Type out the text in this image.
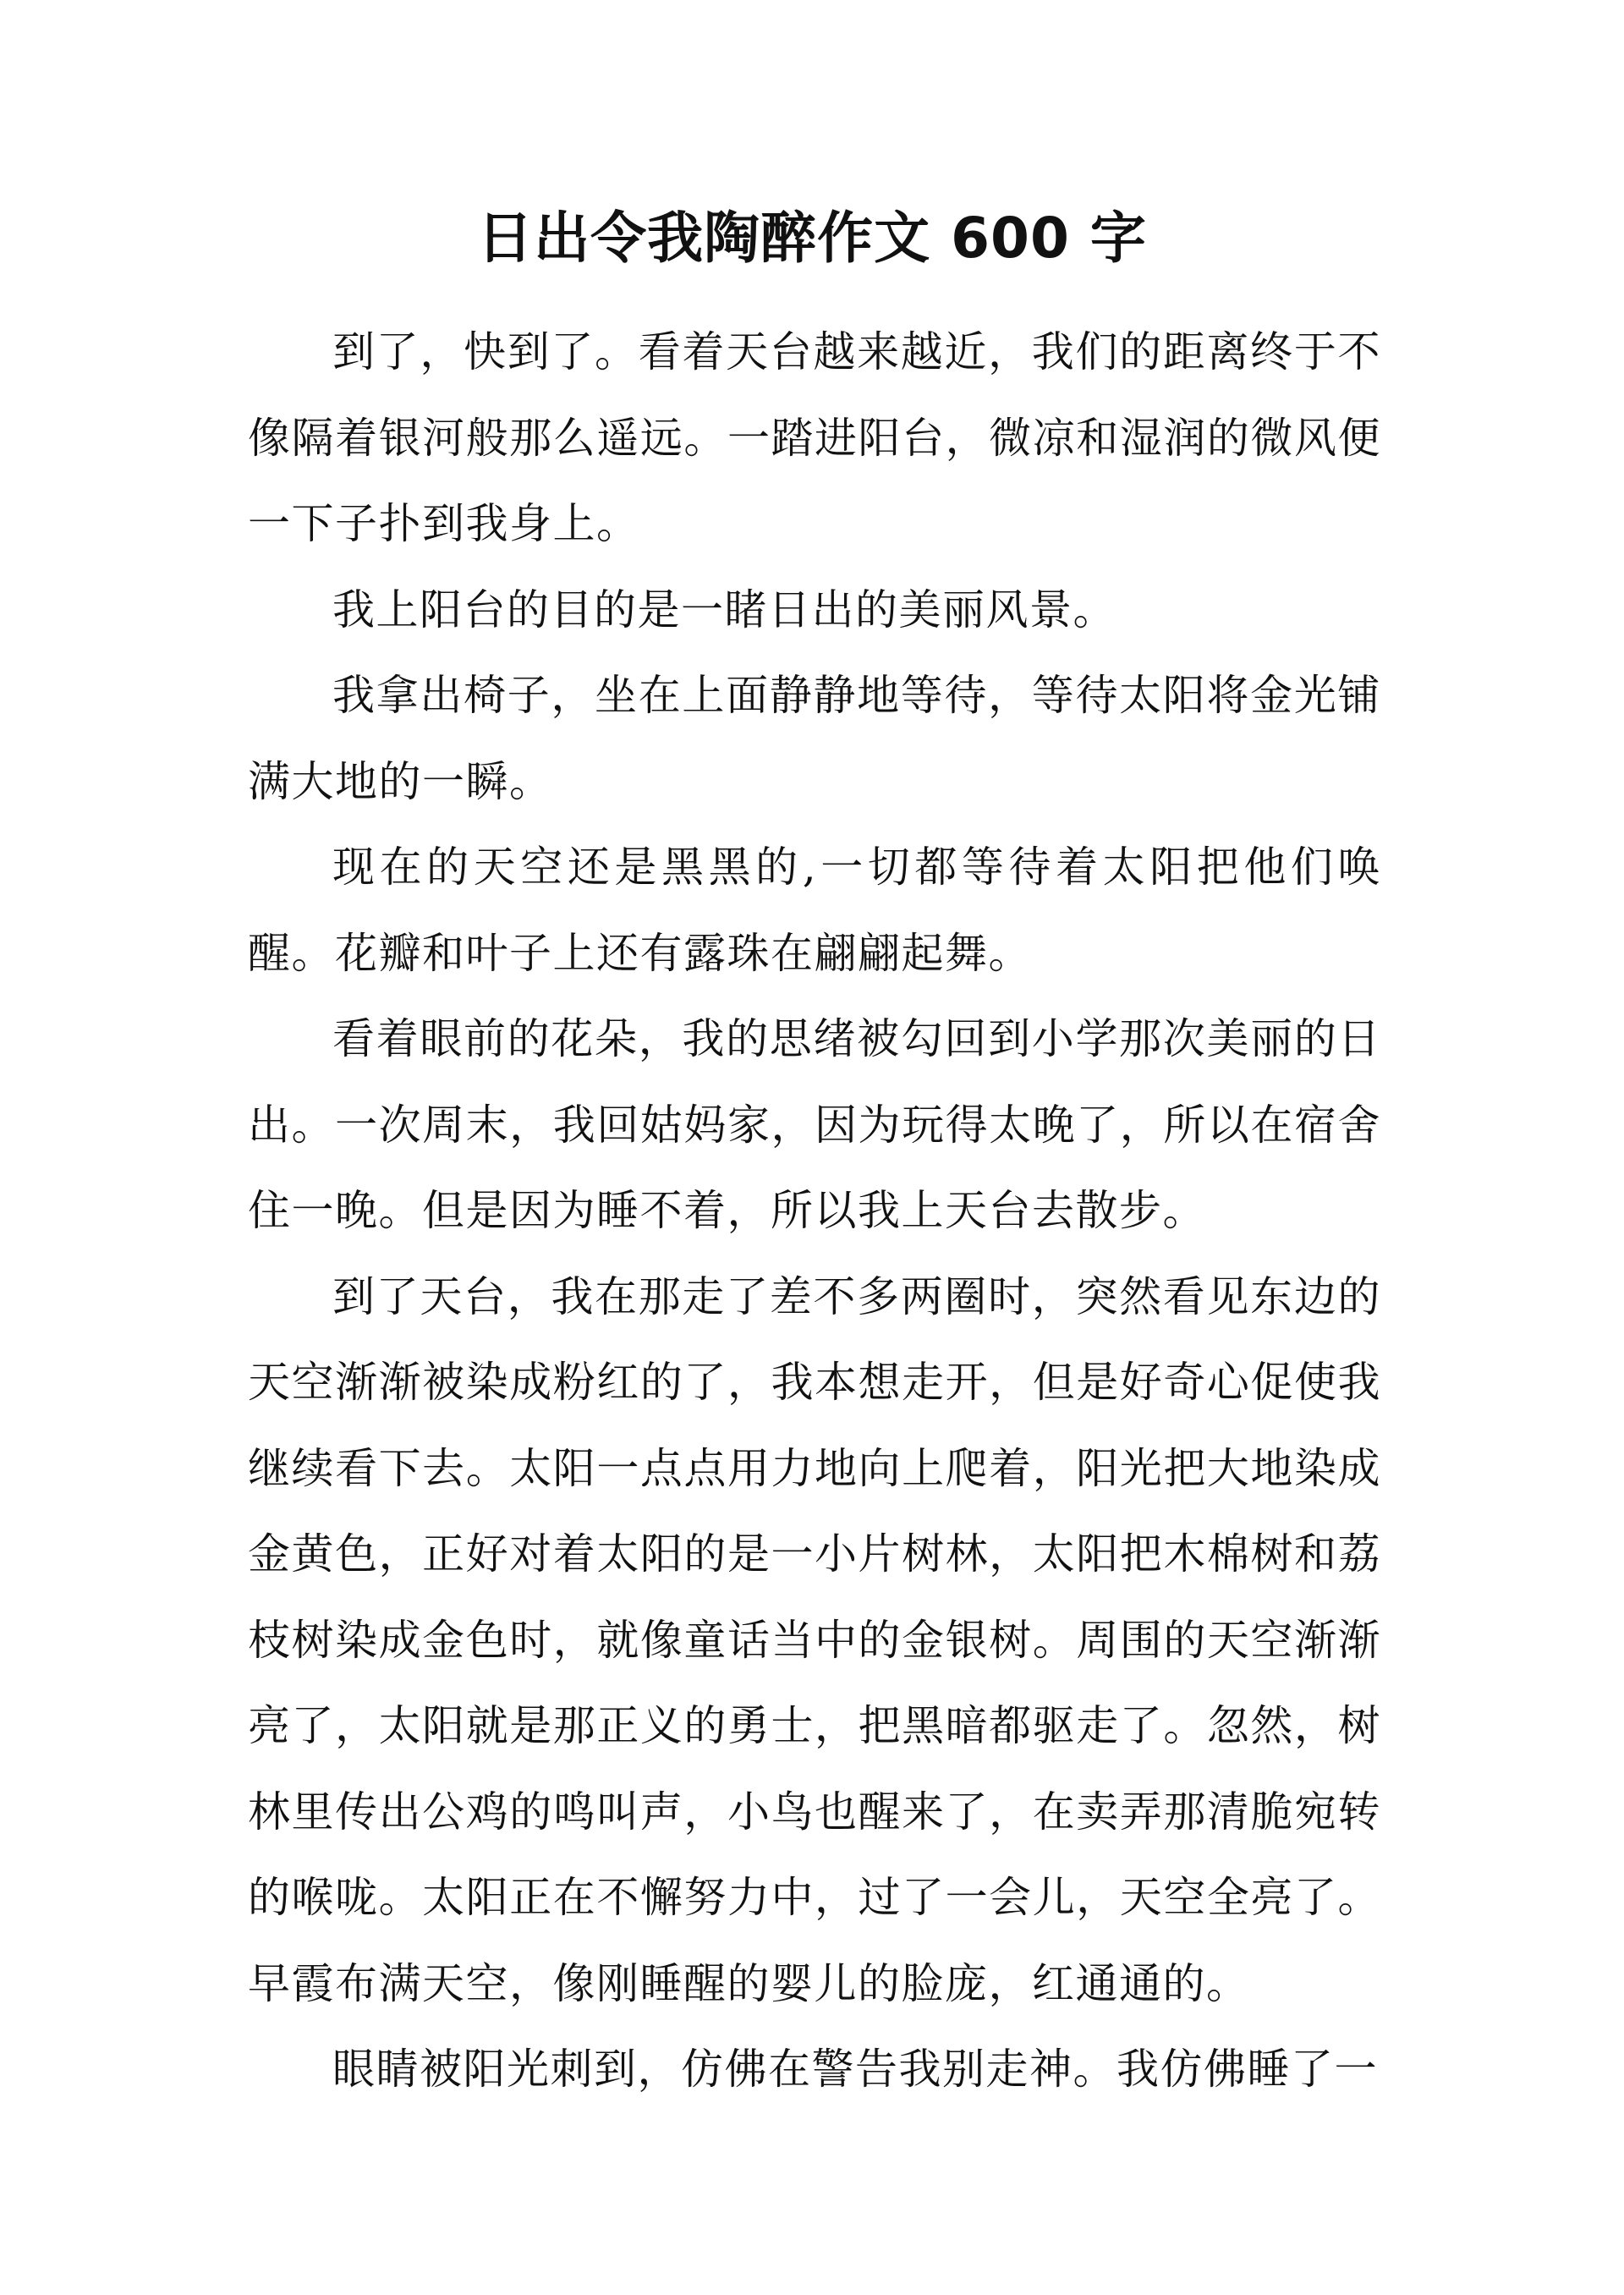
日出令我陶醉作文 600 字

到了，快到了。看着天台越来越近，我们的距离终于不像隔着银河般那么遥远。一踏进阳台，微凉和湿润的微风便一下子扑到我身上。

我上阳台的目的是一睹日出的美丽风景。

我拿出椅子，坐在上面静静地等待，等待太阳将金光铺满大地的一瞬。

现在的天空还是黑黑的,一切都等待着太阳把他们唤醒。花瓣和叶子上还有露珠在翩翩起舞。

看着眼前的花朵，我的思绪被勾回到小学那次美丽的日出。一次周末，我回姑妈家，因为玩得太晚了，所以在宿舍住一晚。但是因为睡不着，所以我上天台去散步。

到了天台，我在那走了差不多两圈时，突然看见东边的天空渐渐被染成粉红的了，我本想走开，但是好奇心促使我继续看下去。太阳一点点用力地向上爬着，阳光把大地染成金黄色，正好对着太阳的是一小片树林，太阳把木棉树和荔枝树染成金色时，就像童话当中的金银树。周围的天空渐渐亮了，太阳就是那正义的勇士，把黑暗都驱走了。忽然，树林里传出公鸡的鸣叫声，小鸟也醒来了，在卖弄那清脆宛转的喉咙。太阳正在不懈努力中，过了一会儿，天空全亮了。早霞布满天空，像刚睡醒的婴儿的脸庞，红通通的。

眼睛被阳光刺到，仿佛在警告我别走神。我仿佛睡了一
